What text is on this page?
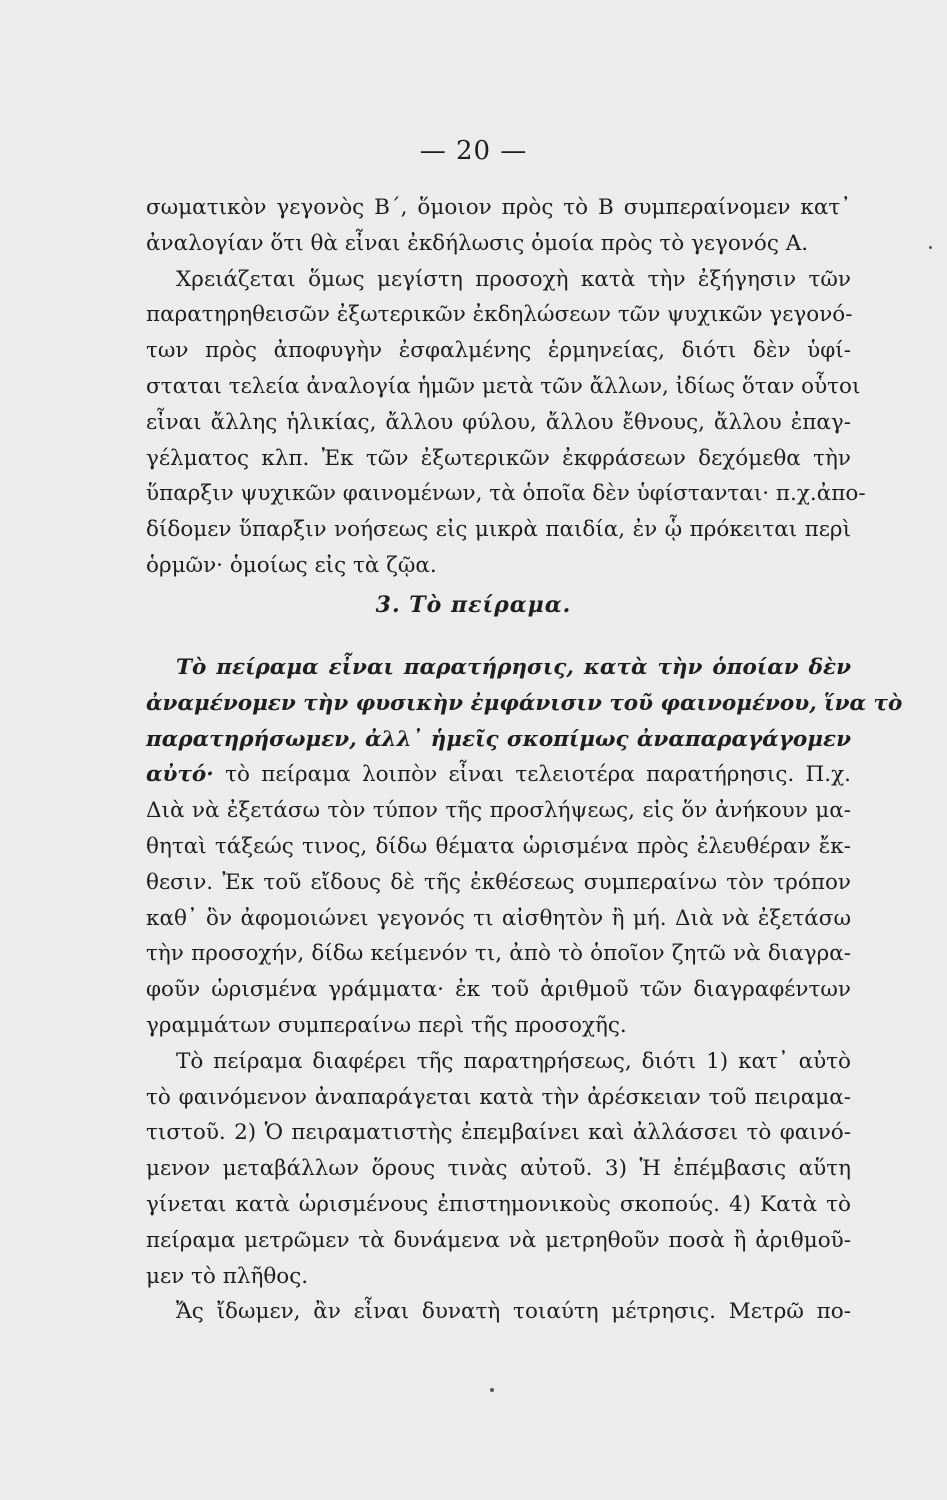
— 20 —
σωματικὸν γεγονὸς Β΄, ὅμοιον πρὸς τὸ Β συμπεραίνομεν κατ᾿
ἀναλογίαν ὅτι θὰ εἶναι ἐκδήλωσις ὁμοία πρὸς τὸ γεγονός Α.
Χρειάζεται ὅμως μεγίστη προσοχὴ κατὰ τὴν ἐξήγησιν τῶν
παρατηρηθεισῶν ἐξωτερικῶν ἐκδηλώσεων τῶν ψυχικῶν γεγονό-
των πρὸς ἀποφυγὴν ἐσφαλμένης ἑρμηνείας, διότι δὲν ὑφί-
σταται τελεία ἀναλογία ἡμῶν μετὰ τῶν ἄλλων, ἰδίως ὅταν οὗτοι
εἶναι ἄλλης ἡλικίας, ἄλλου φύλου, ἄλλου ἔθνους, ἄλλου ἐπαγ-
γέλματος κλπ. Ἐκ τῶν ἐξωτερικῶν ἐκφράσεων δεχόμεθα τὴν
ὕπαρξιν ψυχικῶν φαινομένων, τὰ ὁποῖα δὲν ὑφίστανται· π.χ.ἀπο-
δίδομεν ὕπαρξιν νοήσεως εἰς μικρὰ παιδία, ἐν ᾧ πρόκειται περὶ
ὁρμῶν· ὁμοίως εἰς τὰ ζῷα.
3. Τὸ πείραμα.
Τὸ πείραμα εἶναι παρατήρησις, κατὰ τὴν ὁποίαν δὲν
ἀναμένομεν τὴν φυσικὴν ἐμφάνισιν τοῦ φαινομένου, ἵνα τὸ
παρατηρήσωμεν, ἀλλ᾿ ἡμεῖς σκοπίμως ἀναπαραγάγομεν
αὐτό· τὸ πείραμα λοιπὸν εἶναι τελειοτέρα παρατήρησις. Π.χ.
Διὰ νὰ ἐξετάσω τὸν τύπον τῆς προσλήψεως, εἰς ὅν ἀνήκουν μα-
θηταὶ τάξεώς τινος, δίδω θέματα ὡρισμένα πρὸς ἐλευθέραν ἔκ-
θεσιν. Ἐκ τοῦ εἴδους δὲ τῆς ἐκθέσεως συμπεραίνω τὸν τρόπον
καθ᾿ ὃν ἀφομοιώνει γεγονός τι αἰσθητὸν ἢ μή. Διὰ νὰ ἐξετάσω
τὴν προσοχήν, δίδω κείμενόν τι, ἀπὸ τὸ ὁποῖον ζητῶ νὰ διαγρα-
φοῦν ὡρισμένα γράμματα· ἐκ τοῦ ἀριθμοῦ τῶν διαγραφέντων
γραμμάτων συμπεραίνω περὶ τῆς προσοχῆς.
Τὸ πείραμα διαφέρει τῆς παρατηρήσεως, διότι 1) κατ᾿ αὐτὸ
τὸ φαινόμενον ἀναπαράγεται κατὰ τὴν ἀρέσκειαν τοῦ πειραμα-
τιστοῦ. 2) Ὁ πειραματιστὴς ἐπεμβαίνει καὶ ἀλλάσσει τὸ φαινό-
μενον μεταβάλλων ὅρους τινὰς αὐτοῦ. 3) Ἡ ἐπέμβασις αὕτη
γίνεται κατὰ ὡρισμένους ἐπιστημονικοὺς σκοπούς. 4) Κατὰ τὸ
πείραμα μετρῶμεν τὰ δυνάμενα νὰ μετρηθοῦν ποσὰ ἢ ἀριθμοῦ-
μεν τὸ πλῆθος.
Ἄς ἴδωμεν, ἂν εἶναι δυνατὴ τοιαύτη μέτρησις. Μετρῶ πο-
